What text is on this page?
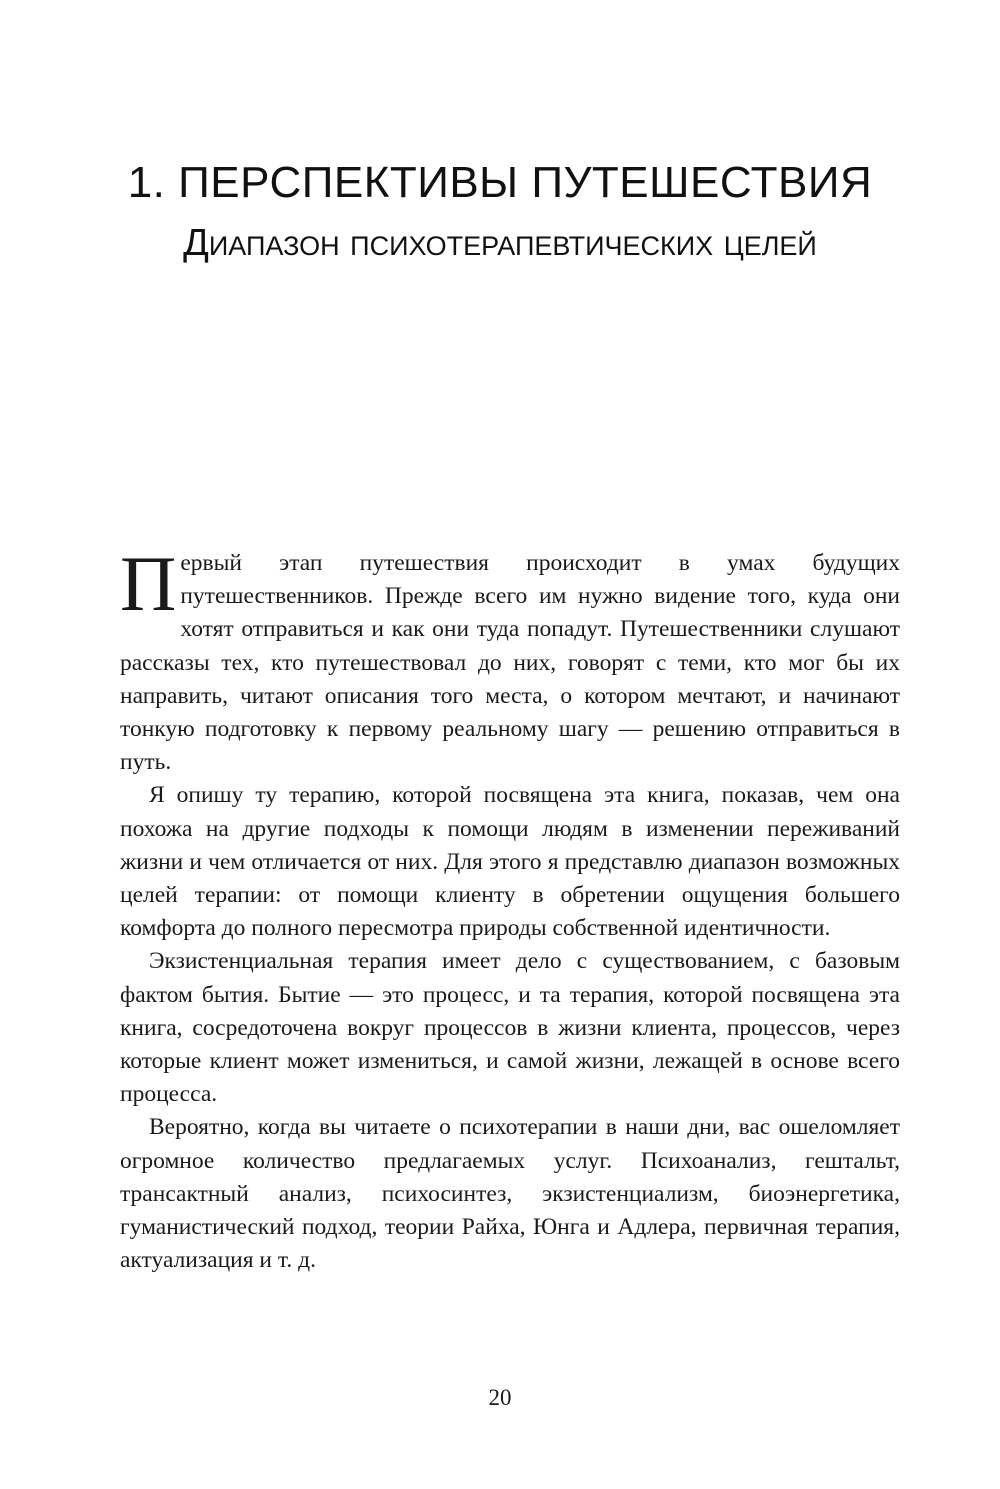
1. ПЕРСПЕКТИВЫ ПУТЕШЕСТВИЯ
Диапазон психотерапевтических целей

Первый этап путешествия происходит в умах будущих путешественников. Прежде всего им нужно видение того, куда они хотят отправиться и как они туда попадут. Путешественники слушают рассказы тех, кто путешествовал до них, говорят с теми, кто мог бы их направить, читают описания того места, о котором мечтают, и начинают тонкую подготовку к первому реальному шагу — решению отправиться в путь.

Я опишу ту терапию, которой посвящена эта книга, показав, чем она похожа на другие подходы к помощи людям в изменении переживаний жизни и чем отличается от них. Для этого я представлю диапазон возможных целей терапии: от помощи клиенту в обретении ощущения большего комфорта до полного пересмотра природы собственной идентичности.

Экзистенциальная терапия имеет дело с существованием, с базовым фактом бытия. Бытие — это процесс, и та терапия, которой посвящена эта книга, сосредоточена вокруг процессов в жизни клиента, процессов, через которые клиент может измениться, и самой жизни, лежащей в основе всего процесса.

Вероятно, когда вы читаете о психотерапии в наши дни, вас ошеломляет огромное количество предлагаемых услуг. Психоанализ, гештальт, трансактный анализ, психосинтез, экзистенциализм, биоэнергетика, гуманистический подход, теории Райха, Юнга и Адлера, первичная терапия, актуализация и т. д.

20
